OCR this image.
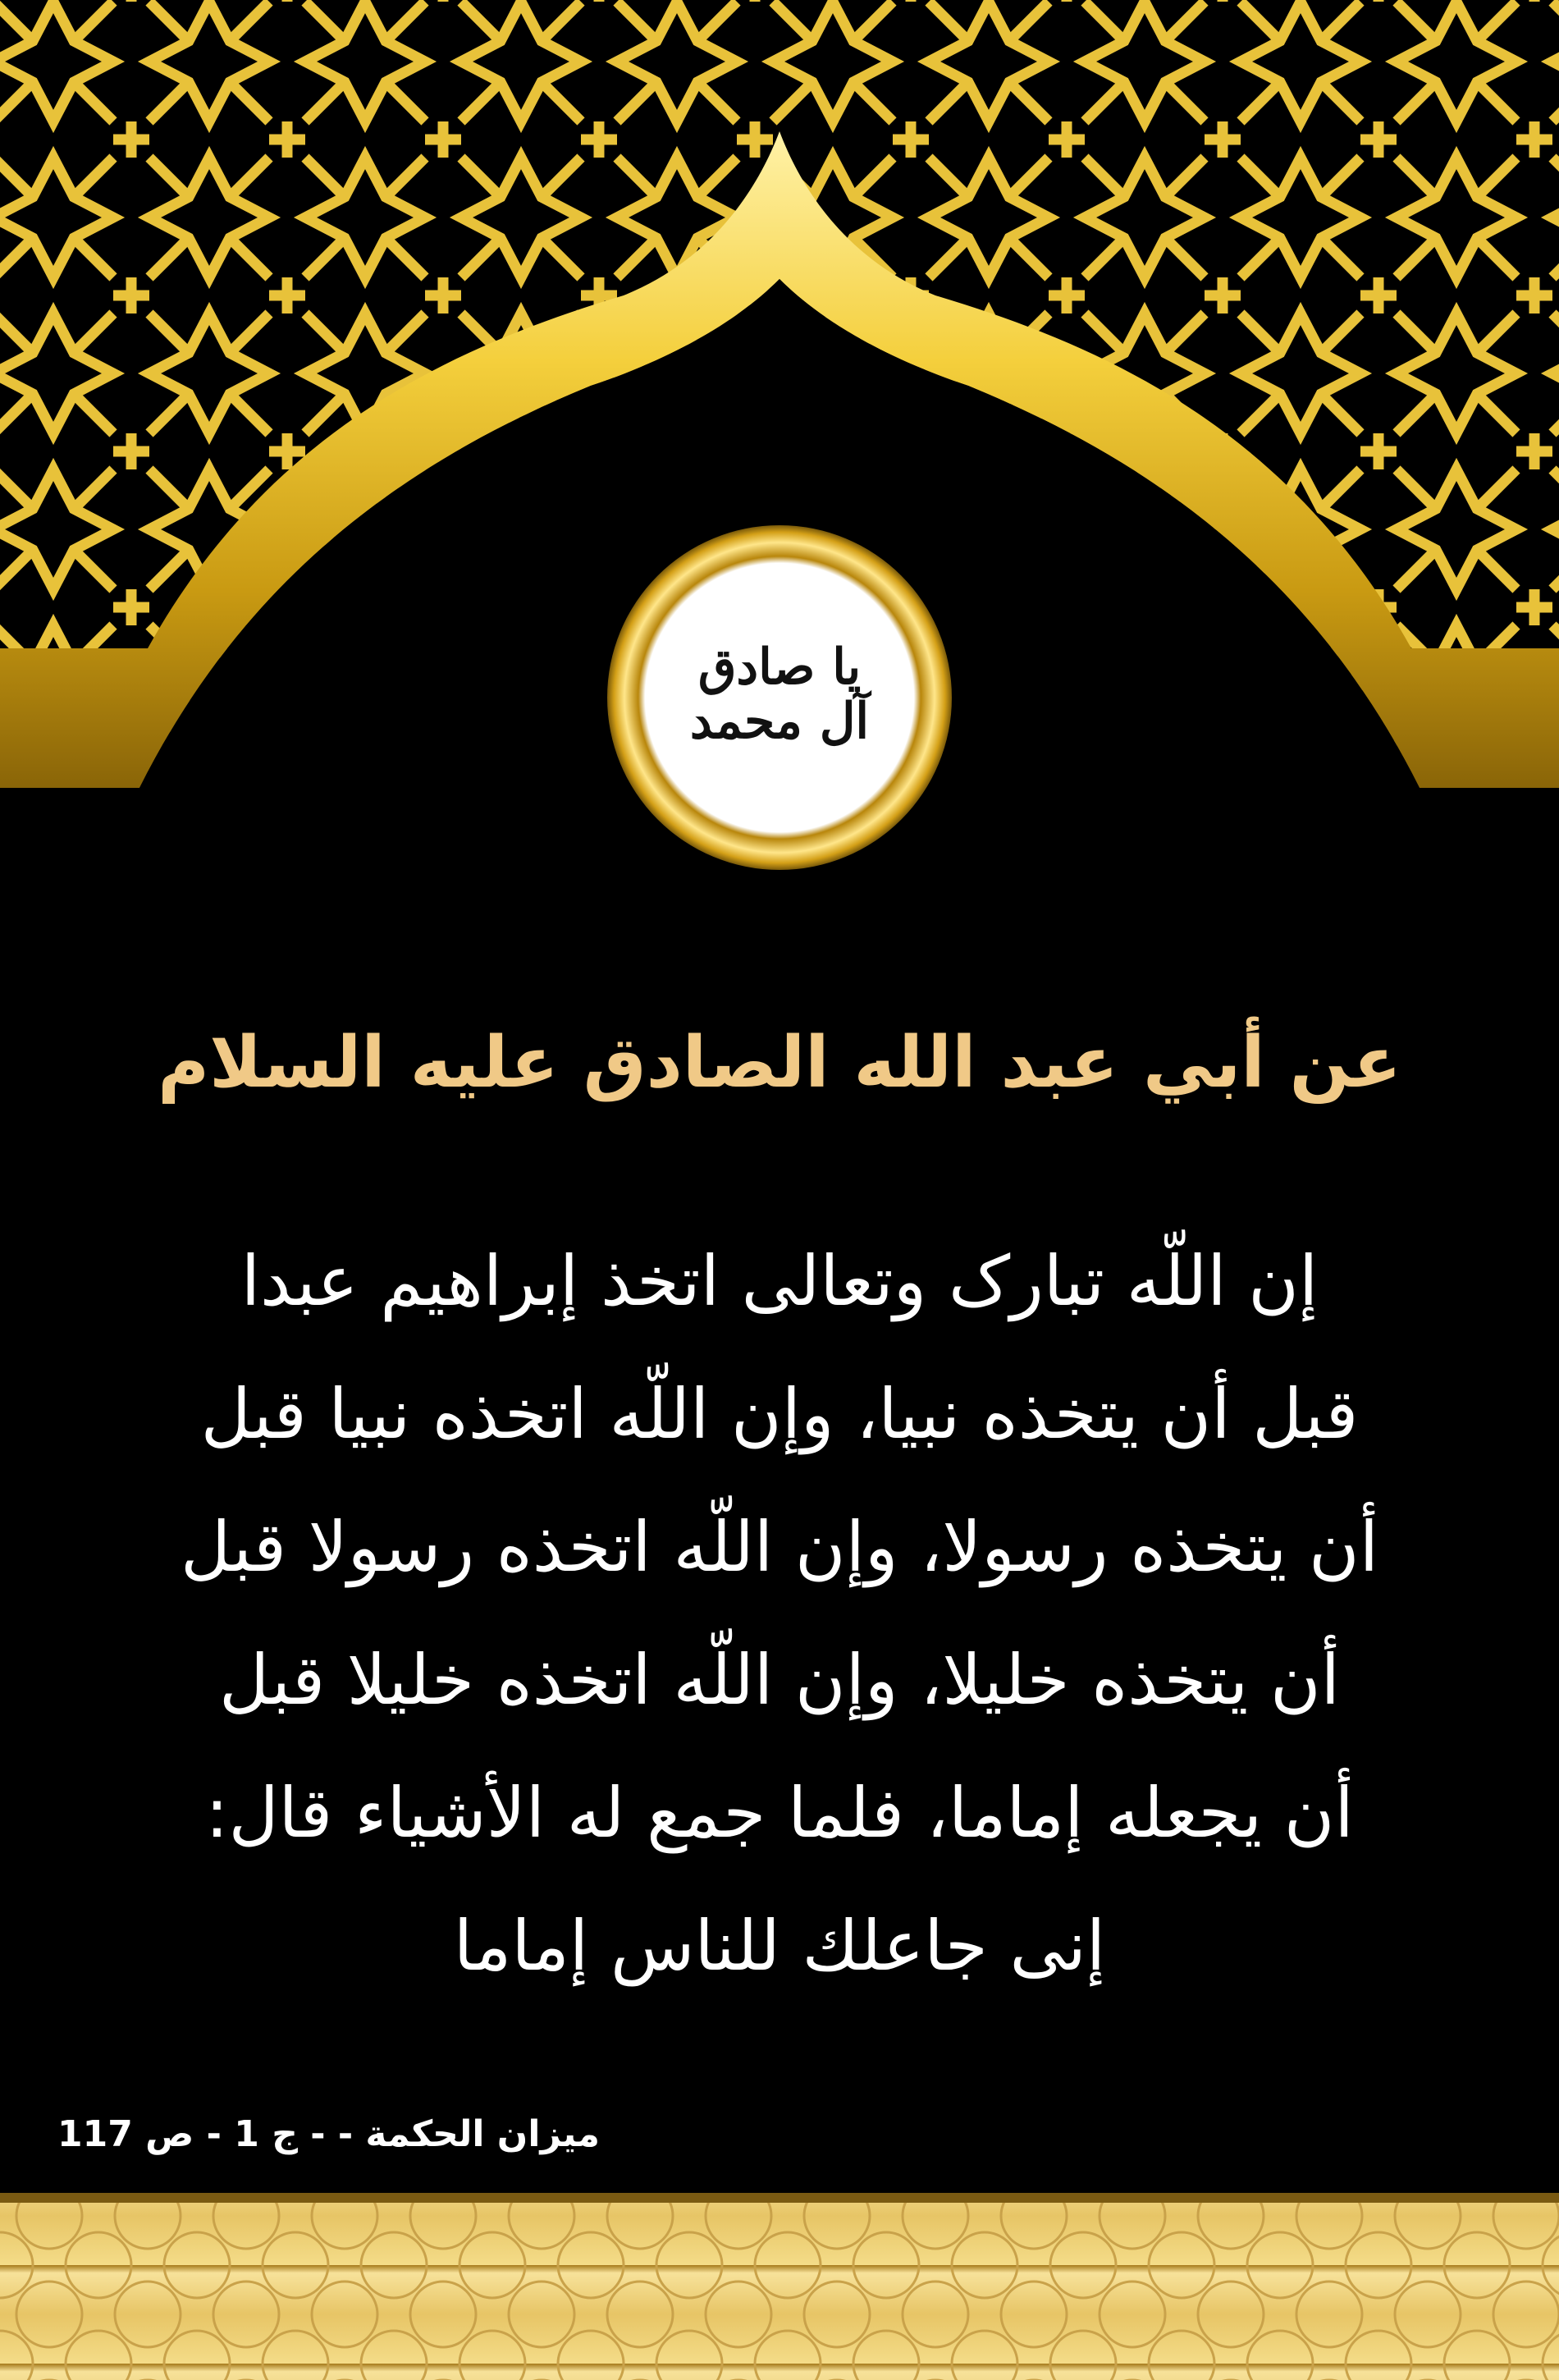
يا صادق آل محمد
عن أبي عبد الله الصادق عليه السلام
إن اللّه تبارک وتعالى اتخذ إبراهيم عبدا
قبل أن يتخذه نبيا، وإن اللّه اتخذه نبيا قبل
أن يتخذه رسولا، وإن اللّه اتخذه رسولا قبل
أن يتخذه خليلا، وإن اللّه اتخذه خليلا قبل
أن يجعله إماما، فلما جمع له الأشياء قال:
إنى جاعلك للناس إماما
ميزان الحكمة - - ج 1 - ص 117
